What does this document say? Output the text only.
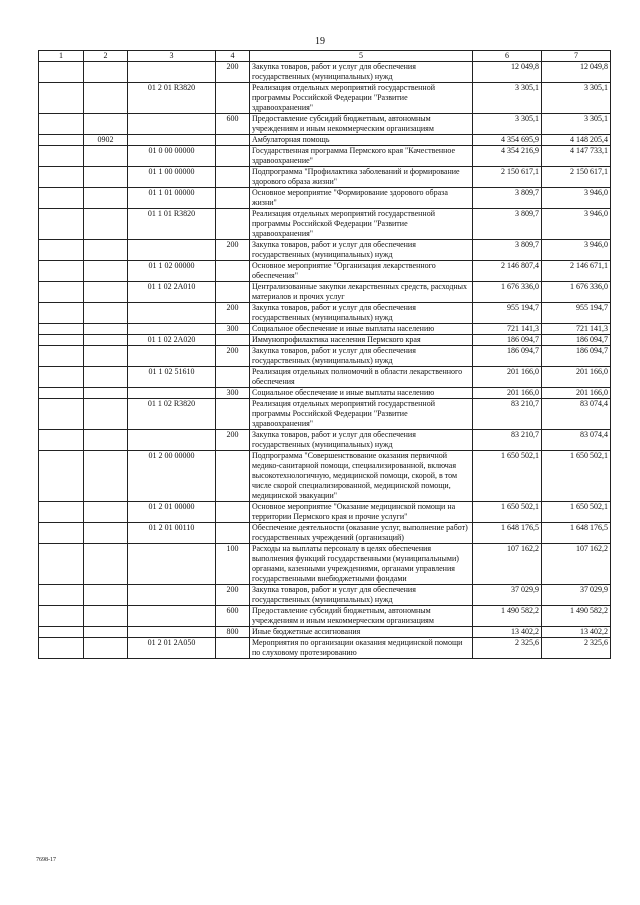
19
1	2	3	4	5	6	7
			200	Закупка товаров, работ и услуг для обеспечения государственных (муниципальных) нужд	12 049,8	12 049,8
		01 2 01 R3820		Реализация отдельных мероприятий государственной программы Российской Федерации "Развитие здравоохранения"	3 305,1	3 305,1
			600	Предоставление субсидий бюджетным, автономным учреждениям и иным некоммерческим организациям	3 305,1	3 305,1
	0902			Амбулаторная помощь	4 354 695,9	4 148 205,4
		01 0 00 00000		Государственная программа Пермского края "Качественное здравоохранение"	4 354 216,9	4 147 733,1
		01 1 00 00000		Подпрограмма "Профилактика заболеваний и формирование здорового образа жизни"	2 150 617,1	2 150 617,1
		01 1 01 00000		Основное мероприятие "Формирование здорового образа жизни"	3 809,7	3 946,0
		01 1 01 R3820		Реализация отдельных мероприятий государственной программы Российской Федерации "Развитие здравоохранения"	3 809,7	3 946,0
			200	Закупка товаров, работ и услуг для обеспечения государственных (муниципальных) нужд	3 809,7	3 946,0
		01 1 02 00000		Основное мероприятие "Организация лекарственного обеспечения"	2 146 807,4	2 146 671,1
		01 1 02 2А010		Централизованные закупки лекарственных средств, расходных материалов и прочих услуг	1 676 336,0	1 676 336,0
			200	Закупка товаров, работ и услуг для обеспечения государственных (муниципальных) нужд	955 194,7	955 194,7
			300	Социальное обеспечение и иные выплаты населению	721 141,3	721 141,3
		01 1 02 2А020		Иммунопрофилактика населения Пермского края	186 094,7	186 094,7
			200	Закупка товаров, работ и услуг для обеспечения государственных (муниципальных) нужд	186 094,7	186 094,7
		01 1 02 51610		Реализация отдельных полномочий в области лекарственного обеспечения	201 166,0	201 166,0
			300	Социальное обеспечение и иные выплаты населению	201 166,0	201 166,0
		01 1 02 R3820		Реализация отдельных мероприятий государственной программы Российской Федерации "Развитие здравоохранения"	83 210,7	83 074,4
			200	Закупка товаров, работ и услуг для обеспечения государственных (муниципальных) нужд	83 210,7	83 074,4
		01 2 00 00000		Подпрограмма "Совершенствование оказания первичной медико-санитарной помощи, специализированной, включая высокотехнологичную, медицинской помощи, скорой, в том числе скорой специализированной, медицинской помощи, медицинской эвакуации"	1 650 502,1	1 650 502,1
		01 2 01 00000		Основное мероприятие "Оказание медицинской помощи на территории Пермского края и прочие услуги"	1 650 502,1	1 650 502,1
		01 2 01 00110		Обеспечение деятельности (оказание услуг, выполнение работ) государственных учреждений (организаций)	1 648 176,5	1 648 176,5
			100	Расходы на выплаты персоналу в целях обеспечения выполнения функций государственными (муниципальными) органами, казенными учреждениями, органами управления государственными внебюджетными фондами	107 162,2	107 162,2
			200	Закупка товаров, работ и услуг для обеспечения государственных (муниципальных) нужд	37 029,9	37 029,9
			600	Предоставление субсидий бюджетным, автономным учреждениям и иным некоммерческим организациям	1 490 582,2	1 490 582,2
			800	Иные бюджетные ассигнования	13 402,2	13 402,2
		01 2 01 2А050		Мероприятия по организации оказания медицинской помощи по слуховому протезированию	2 325,6	2 325,6
7698-17
